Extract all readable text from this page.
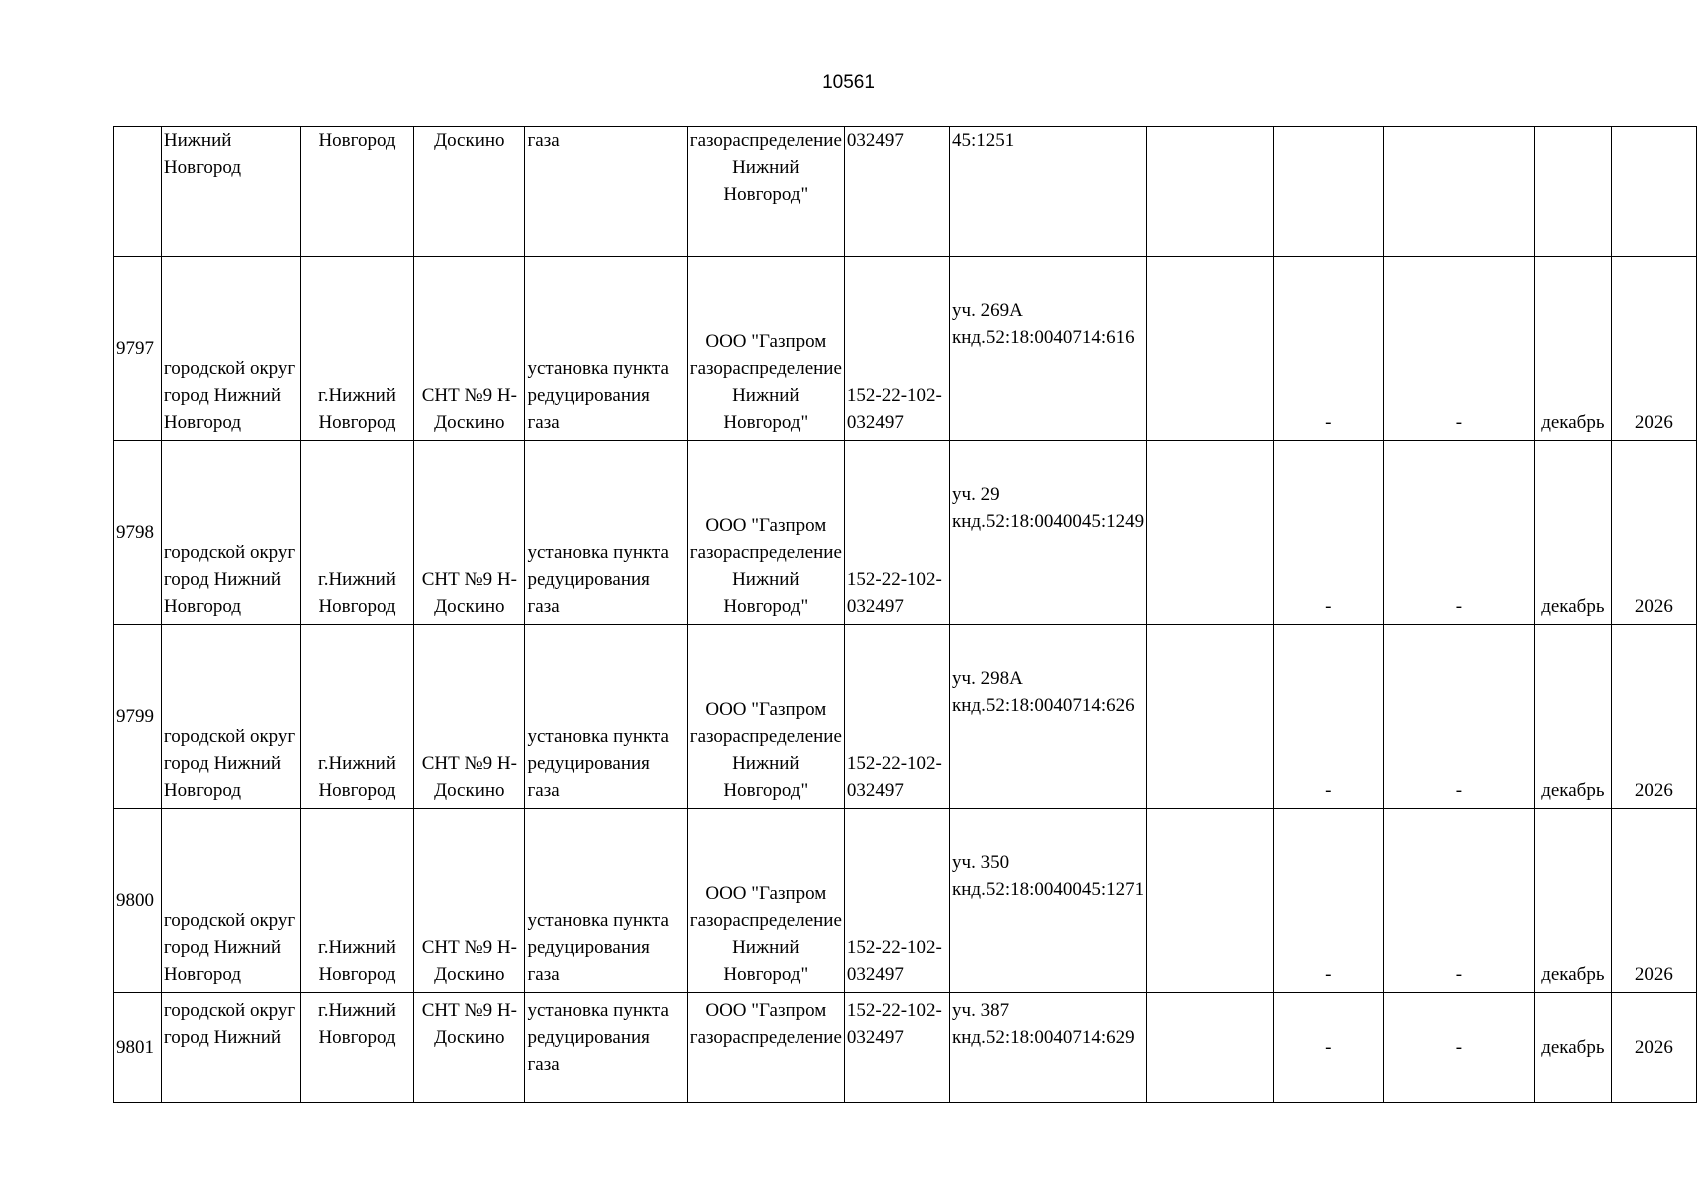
10561
	Нижний Новгород	Новгород	Доскино	газа	газораспределение Нижний Новгород"	032497	45:1251					
9797	городской округ город Нижний Новгород	г.Нижний Новгород	СНТ №9 Н-Доскино	установка пункта редуцирования газа	ООО "Газпром газораспределение Нижний Новгород"	152-22-102-032497	уч. 269А кнд.52:18:0040714:616		-	-	декабрь	2026
9798	городской округ город Нижний Новгород	г.Нижний Новгород	СНТ №9 Н-Доскино	установка пункта редуцирования газа	ООО "Газпром газораспределение Нижний Новгород"	152-22-102-032497	уч. 29 кнд.52:18:0040045:1249		-	-	декабрь	2026
9799	городской округ город Нижний Новгород	г.Нижний Новгород	СНТ №9 Н-Доскино	установка пункта редуцирования газа	ООО "Газпром газораспределение Нижний Новгород"	152-22-102-032497	уч. 298А кнд.52:18:0040714:626		-	-	декабрь	2026
9800	городской округ город Нижний Новгород	г.Нижний Новгород	СНТ №9 Н-Доскино	установка пункта редуцирования газа	ООО "Газпром газораспределение Нижний Новгород"	152-22-102-032497	уч. 350 кнд.52:18:0040045:1271		-	-	декабрь	2026
9801	городской округ город Нижний	г.Нижний Новгород	СНТ №9 Н-Доскино	установка пункта редуцирования газа	ООО "Газпром газораспределение	152-22-102-032497	уч. 387 кнд.52:18:0040714:629		-	-	декабрь	2026
